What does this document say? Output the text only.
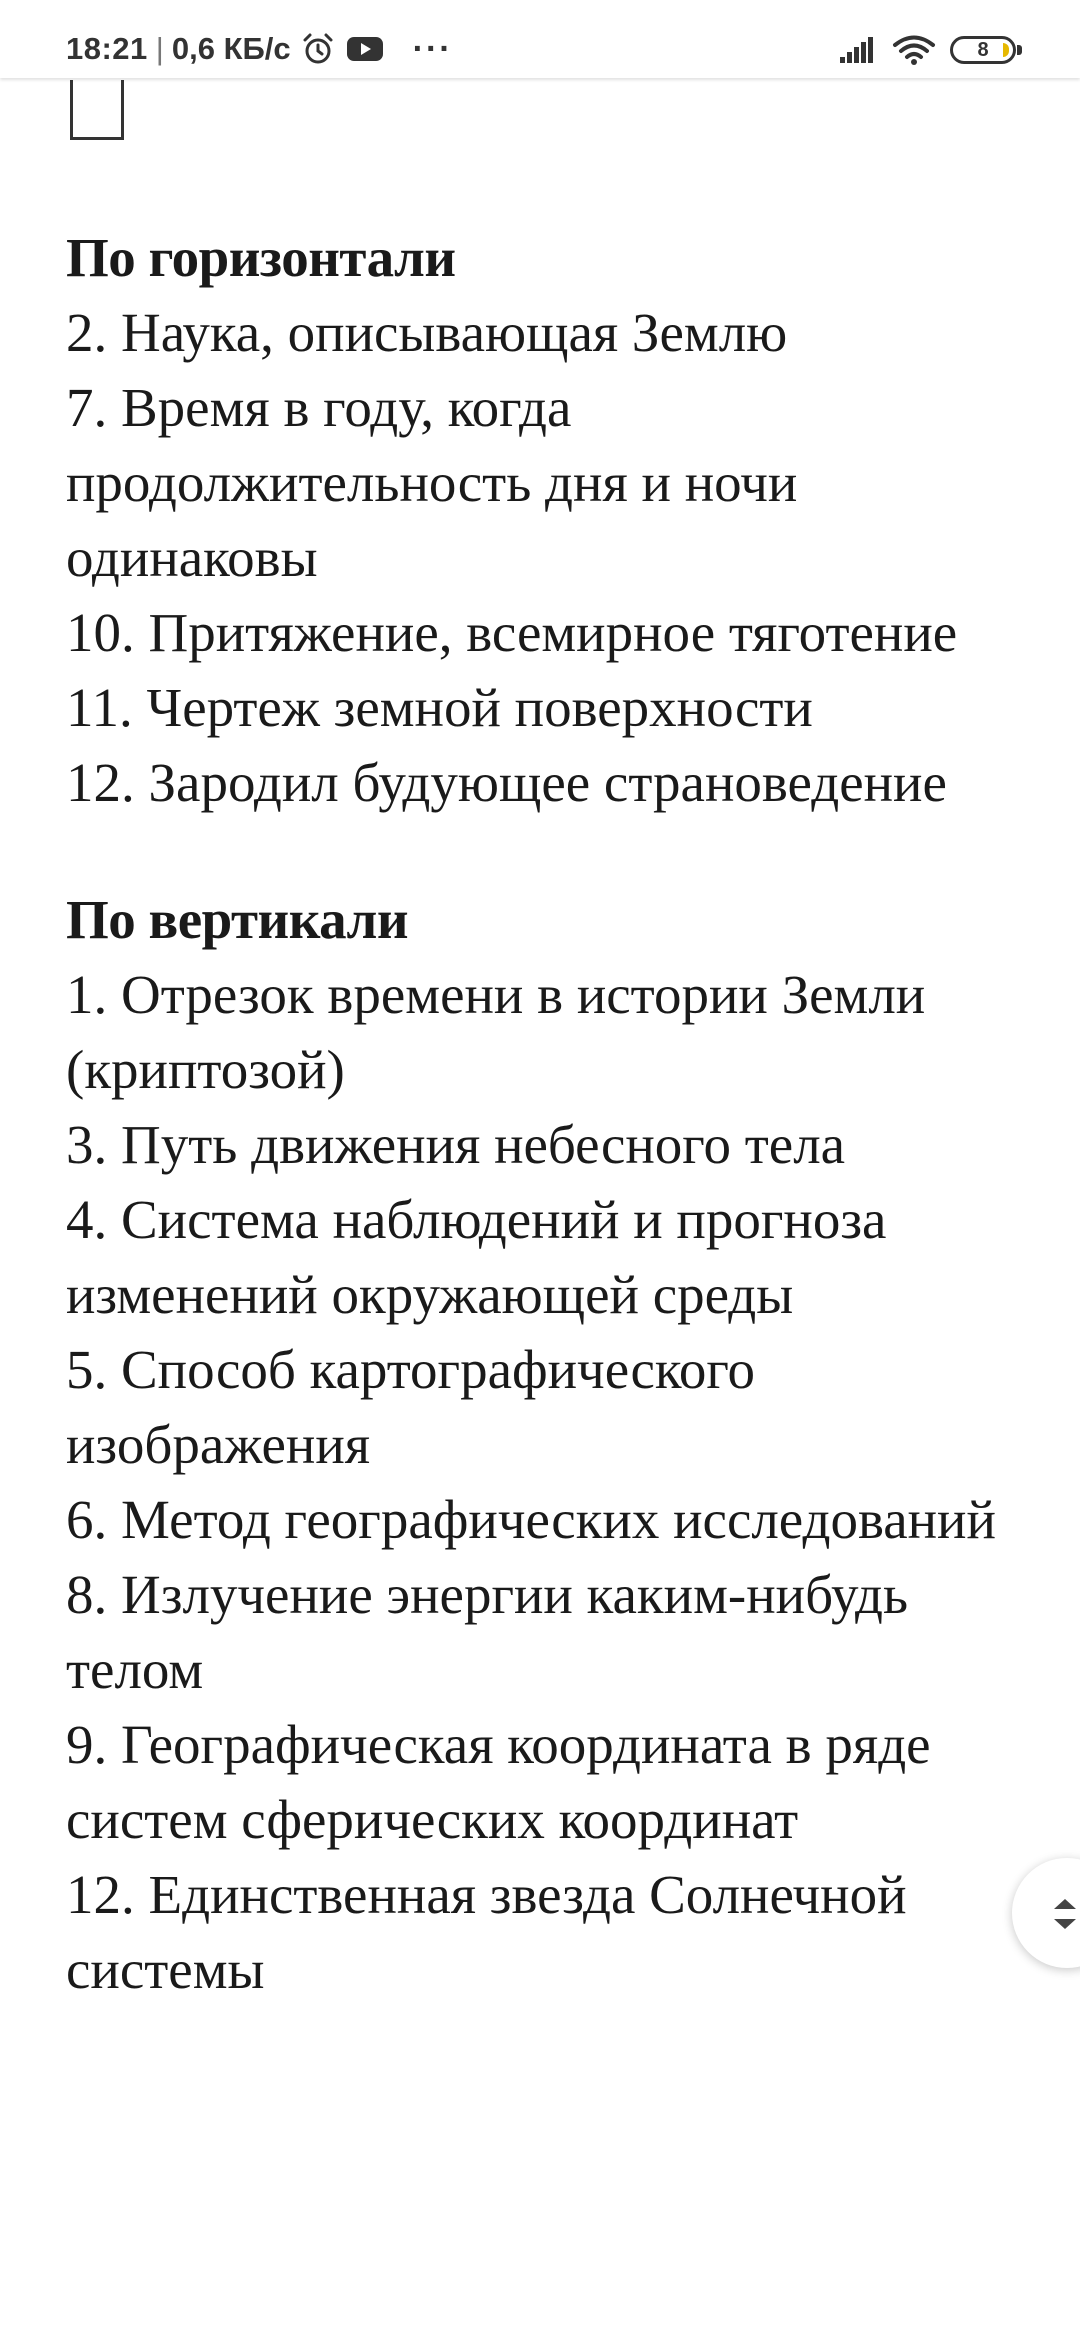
18:21 | 0,6 КБ/с	···	8
По горизонтали

2. Наука, описывающая Землю

7. Время в году, когда продолжительность дня и ночи одинаковы

10. Притяжение, всемирное тяготение

11. Чертеж земной поверхности

12. Зародил будующее страноведение

По вертикали

1. Отрезок времени в истории Земли (криптозой)

3. Путь движения небесного тела

4. Система наблюдений и прогноза изменений окружающей среды

5. Способ картографического изображения

6. Метод географических исследований

8. Излучение энергии каким-нибудь телом

9. Географическая координата в ряде систем сферических координат

12. Единственная звезда Солнечной системы
